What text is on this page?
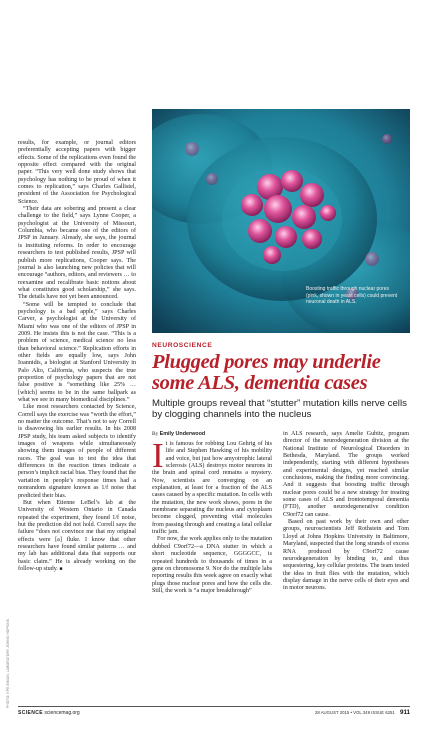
results, for example, or journal editors preferentially accepting papers with bigger effects. Some of the replications even found the opposite effect compared with the original paper. “This very well done study shows that psychology has nothing to be proud of when it comes to replication,” says Charles Gallistel, president of the Association for Psychological Science.

“Their data are sobering and present a clear challenge to the field,” says Lynne Cooper, a psychologist at the University of Missouri, Columbia, who became one of the editors of JPSP in January. Already, she says, the journal is instituting reforms. In order to encourage researchers to test published results, JPSP will publish more replications, Cooper says. The journal is also launching new policies that will encourage “authors, editors, and reviewers … to reexamine and recalibrate basic notions about what constitutes good scholarship,” she says. The details have not yet been announced.

“Some will be tempted to conclude that psychology is a bad apple,” says Charles Carver, a psychologist at the University of Miami who was one of the editors of JPSP in 2009. He insists this is not the case. “This is a problem of science, medical science no less than behavioral science.” Replication efforts in other fields are equally low, says John Ioannidis, a biologist at Stanford University in Palo Alto, California, who suspects the true proportion of psychology papers that are not false positive is “something like 25% … [which] seems to be in the same ballpark as what we see in many biomedical disciplines.”

Like most researchers contacted by Science, Correll says the exercise was “worth the effort,” no matter the outcome. That’s not to say Correll is disavowing his earlier results. In his 2008 JPSP study, his team asked subjects to identify images of weapons while simultaneously showing them images of people of different races. The goal was to test the idea that differences in the reaction times indicate a person’s implicit racial bias. They found that the variation in people’s response times had a nonrandom signature known as 1/f noise that predicted their bias.

But when Etienne LeBel’s lab at the University of Western Ontario in Canada repeated the experiment, they found 1/f noise, but the prediction did not hold. Correll says the failure “does not convince me that my original effects were [a] fluke. I know that other researchers have found similar patterns … and my lab has additional data that supports our basic claim.” He is already working on the follow-up study. ■

PHOTO: KPE BIMUN, LABORATORY JOHNS HOPKINS
Boosting traffic through nuclear pores (pink, shown in yeast cells) could prevent neuronal death in ALS.
NEUROSCIENCE
Plugged pores may underlie some ALS, dementia cases
Multiple groups reveal that “stutter” mutation kills nerve cells by clogging channels into the nucleus
By Emily Underwood

It is famous for robbing Lou Gehrig of his life and Stephen Hawking of his mobility and voice, but just how amyotrophic lateral sclerosis (ALS) destroys motor neurons in the brain and spinal cord remains a mystery. Now, scientists are converging on an explanation, at least for a fraction of the ALS cases caused by a specific mutation. In cells with the mutation, the new work shows, pores in the membrane separating the nucleus and cytoplasm become clogged, preventing vital molecules from passing through and creating a fatal cellular traffic jam.

For now, the work applies only to the mutation dubbed C9orf72—a DNA stutter in which a short nucleotide sequence, GGGGCC, is repeated hundreds to thousands of times in a gene on chromosome 9. Nor do the multiple labs reporting results this week agree on exactly what plugs those nuclear pores and how the cells die. Still, the work is “a major breakthrough”

in ALS research, says Amelie Gubitz, program director of the neurodegeneration division at the National Institute of Neurological Disorders in Bethesda, Maryland. The groups worked independently, starting with different hypotheses and experimental designs, yet reached similar conclusions, making the finding more convincing. And it suggests that boosting traffic through nuclear pores could be a new strategy for treating some cases of ALS and frontotemporal dementia (FTD), another neurodegenerative condition C9orf72 can cause.

Based on past work by their own and other groups, neuroscientists Jeff Rothstein and Tom Lloyd at Johns Hopkins University in Baltimore, Maryland, suspected that the long strands of excess RNA produced by C9orf72 cause neurodegeneration by binding to, and thus sequestering, key cellular proteins. The team tested the idea in fruit flies with the mutation, which display damage in the nerve cells of their eyes and in motor neurons.

SCIENCE sciencemag.org	28 AUGUST 2015 • VOL 349 ISSUE 6251 911
